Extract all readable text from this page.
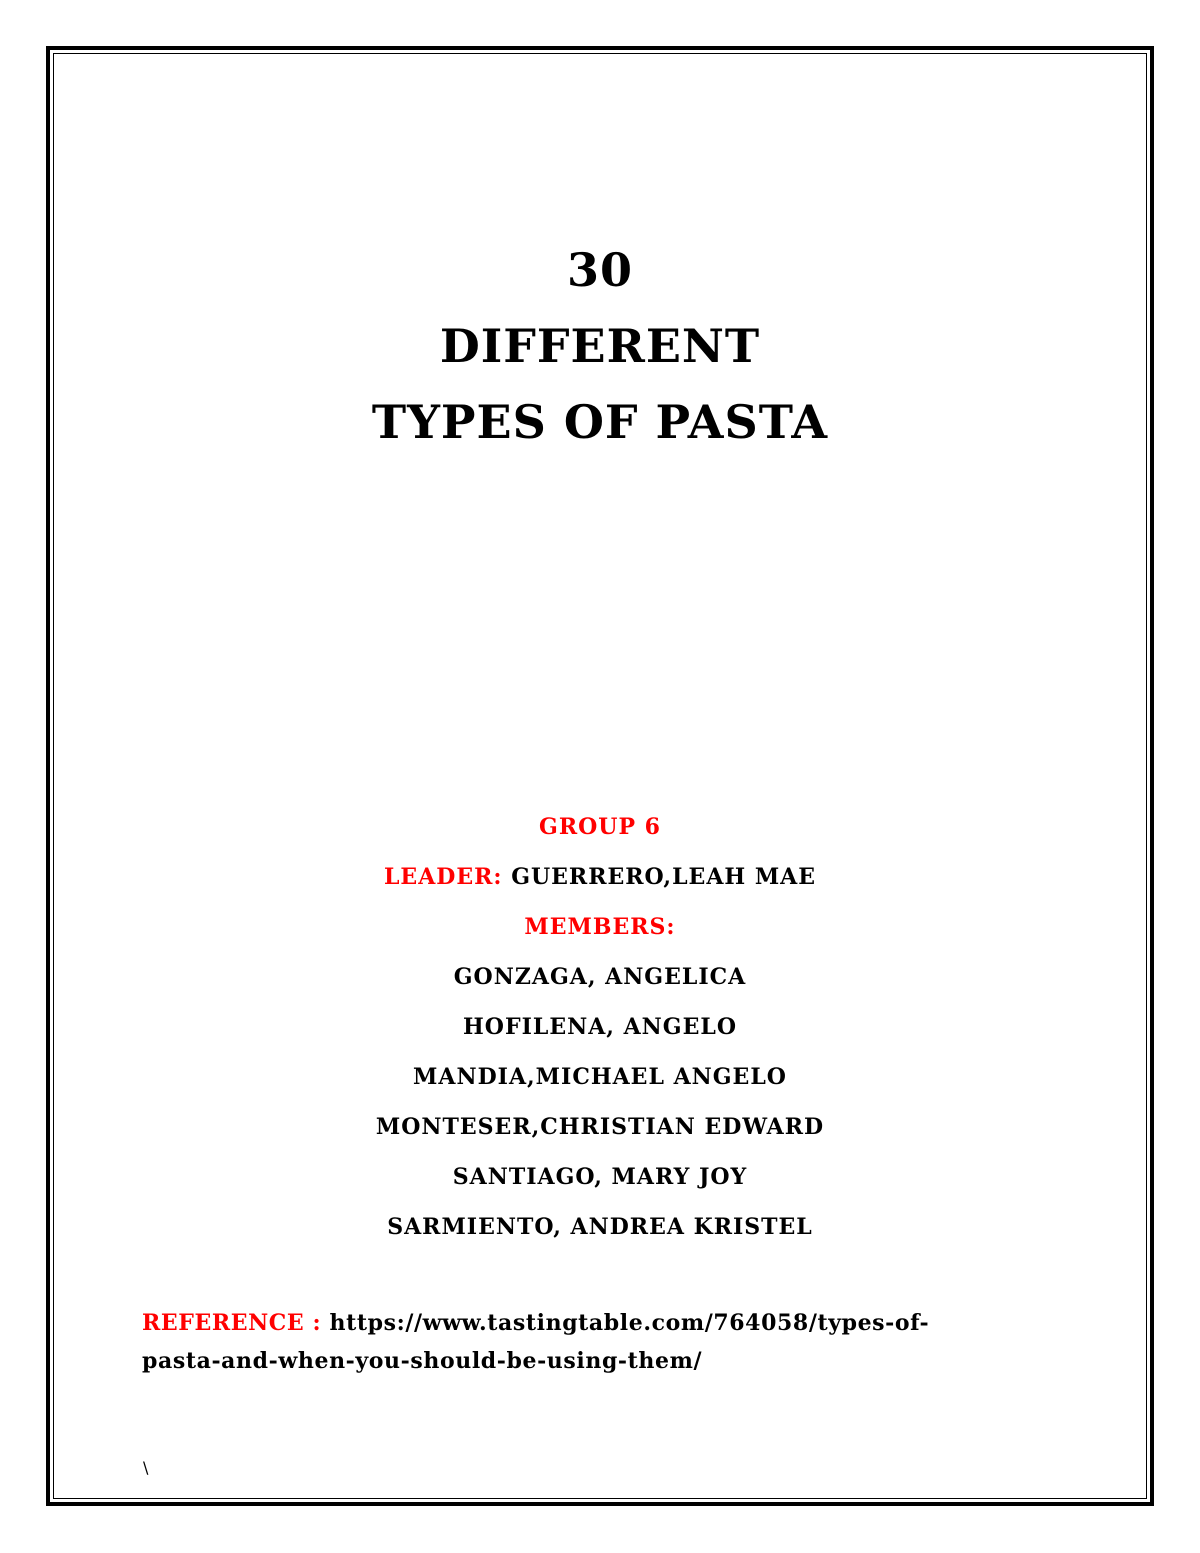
30
DIFFERENT
TYPES OF PASTA
GROUP 6
LEADER: GUERRERO,LEAH MAE
MEMBERS:
GONZAGA, ANGELICA
HOFILENA, ANGELO
MANDIA,MICHAEL ANGELO
MONTESER,CHRISTIAN EDWARD
SANTIAGO, MARY JOY
SARMIENTO, ANDREA KRISTEL
REFERENCE : https://www.tastingtable.com/764058/types-of-
pasta-and-when-you-should-be-using-them/
\
